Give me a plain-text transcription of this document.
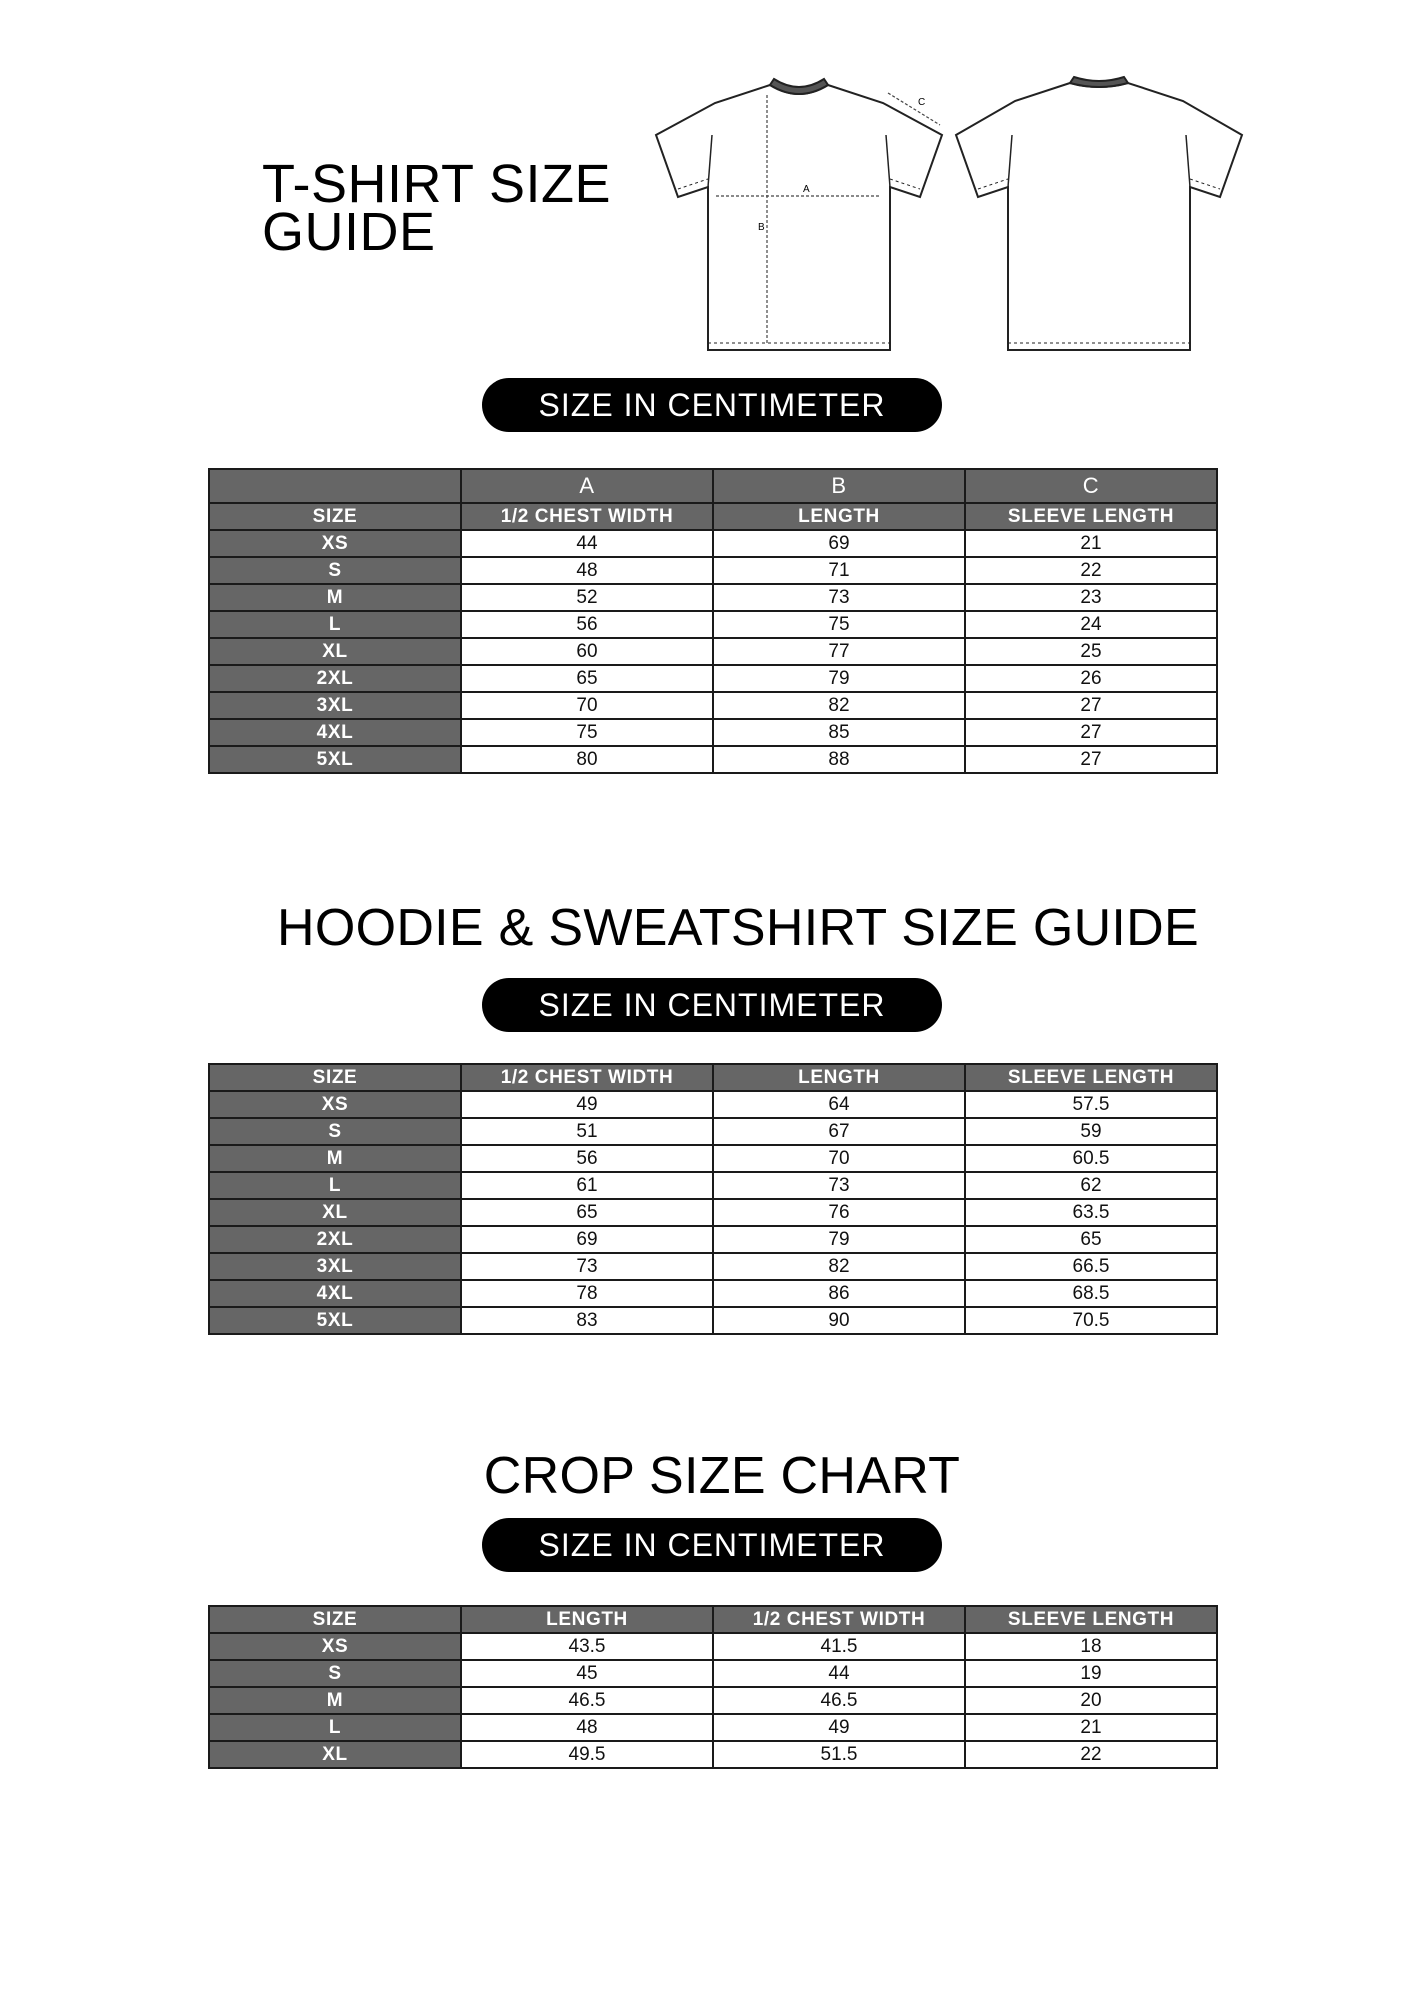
T-SHIRT SIZE
GUIDE
A
B
C
SIZE IN CENTIMETER
	A	B	C
SIZE	1/2 CHEST WIDTH	LENGTH	SLEEVE LENGTH
XS	44	69	21
S	48	71	22
M	52	73	23
L	56	75	24
XL	60	77	25
2XL	65	79	26
3XL	70	82	27
4XL	75	85	27
5XL	80	88	27
HOODIE & SWEATSHIRT SIZE GUIDE
SIZE IN CENTIMETER
SIZE	1/2 CHEST WIDTH	LENGTH	SLEEVE LENGTH
XS	49	64	57.5
S	51	67	59
M	56	70	60.5
L	61	73	62
XL	65	76	63.5
2XL	69	79	65
3XL	73	82	66.5
4XL	78	86	68.5
5XL	83	90	70.5
CROP SIZE CHART
SIZE IN CENTIMETER
SIZE	LENGTH	1/2 CHEST WIDTH	SLEEVE LENGTH
XS	43.5	41.5	18
S	45	44	19
M	46.5	46.5	20
L	48	49	21
XL	49.5	51.5	22
